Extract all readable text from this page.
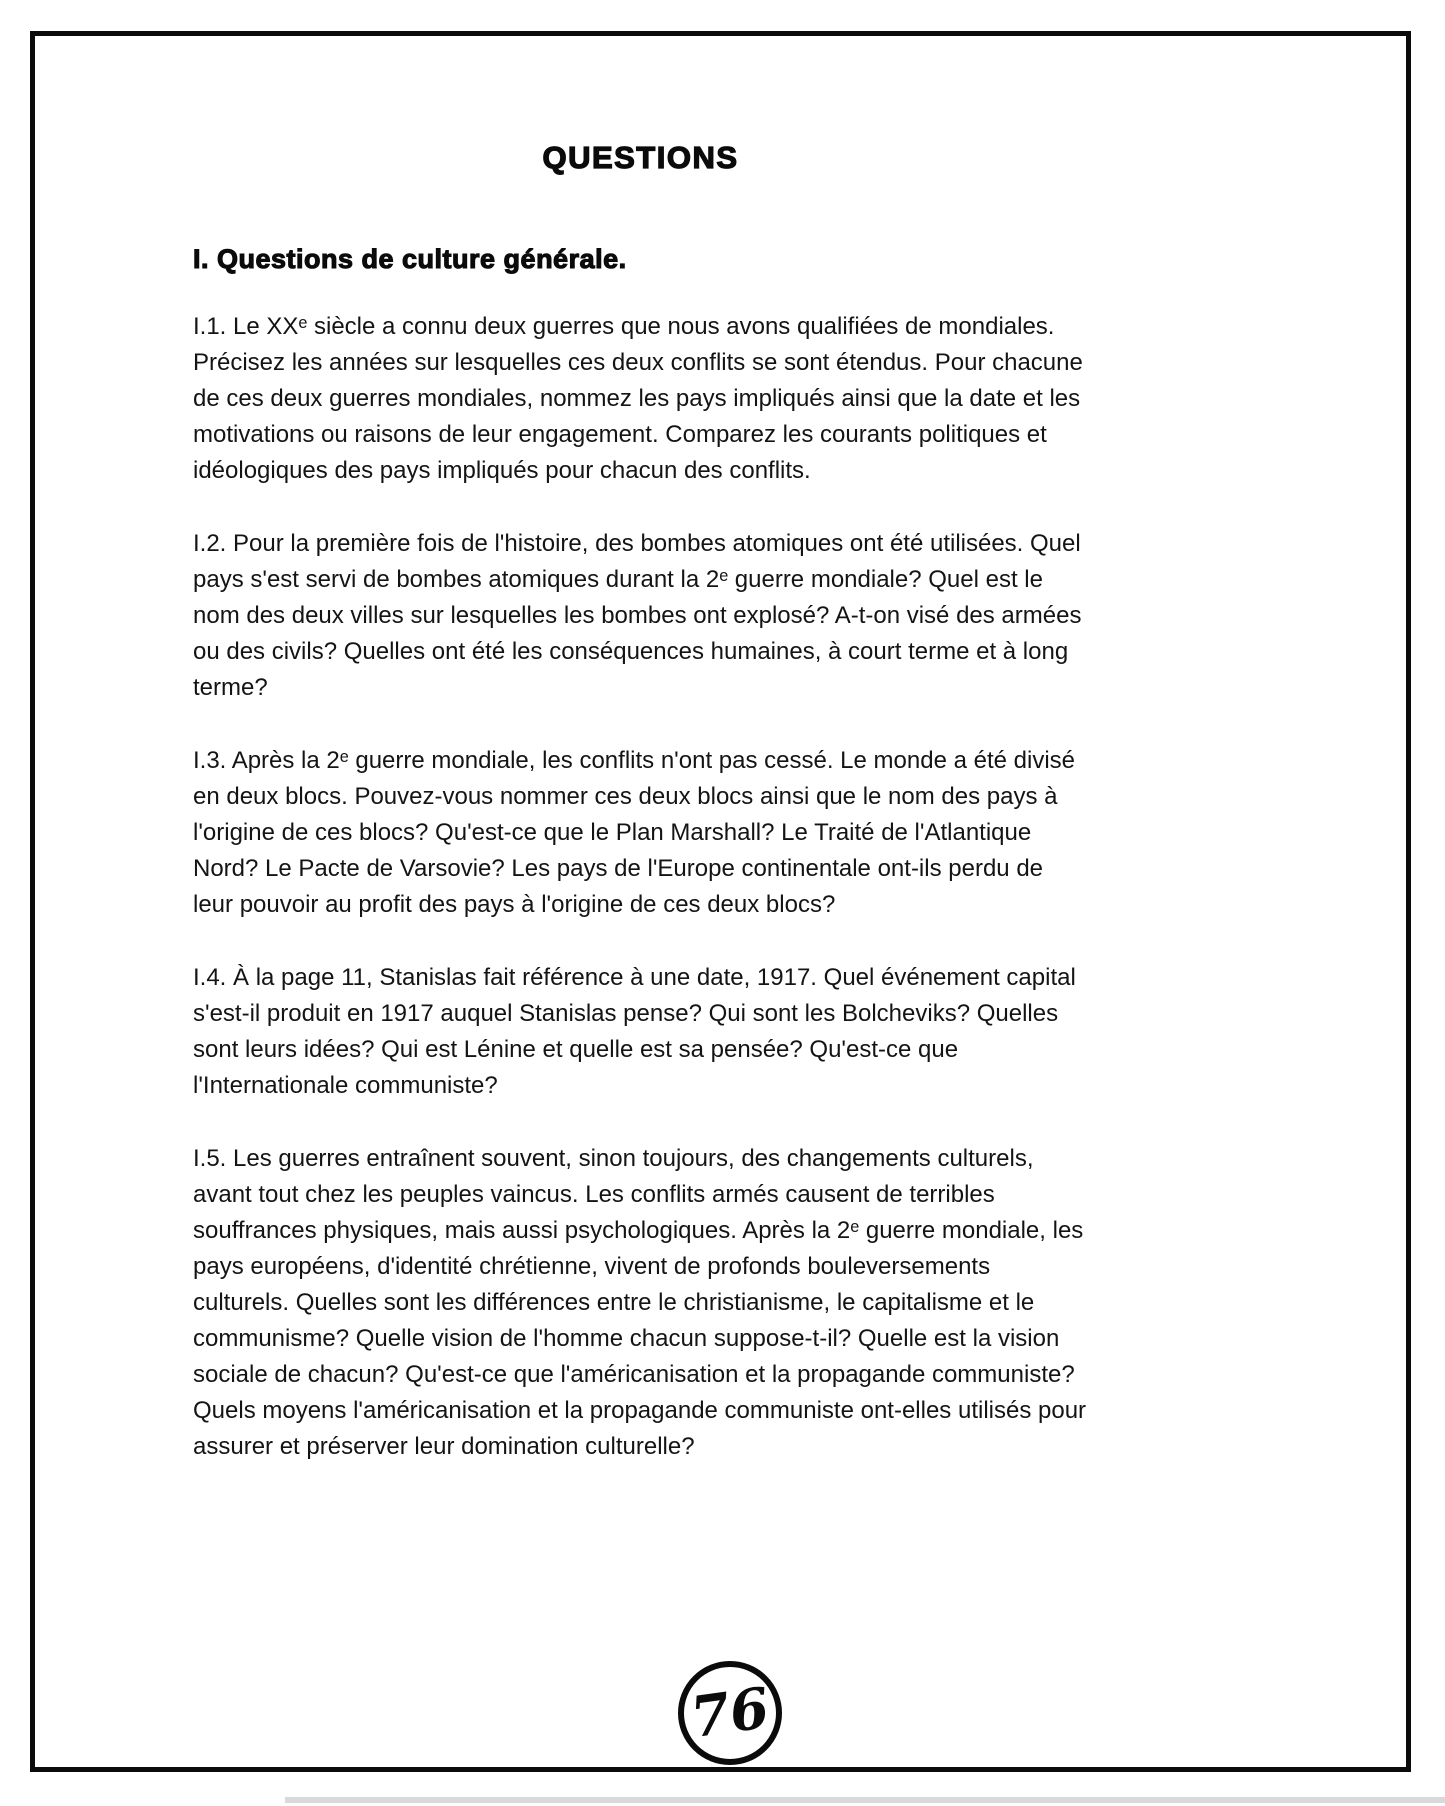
QUESTIONS
I. Questions de culture générale.

I.1. Le XXᵉ siècle a connu deux guerres que nous avons qualifiées de mondiales. Précisez les années sur lesquelles ces deux conflits se sont étendus. Pour chacune de ces deux guerres mondiales, nommez les pays impliqués ainsi que la date et les motivations ou raisons de leur engagement. Comparez les courants politiques et idéologiques des pays impliqués pour chacun des conflits.

I.2. Pour la première fois de l'histoire, des bombes atomiques ont été utilisées. Quel pays s'est servi de bombes atomiques durant la 2ᵉ guerre mondiale? Quel est le nom des deux villes sur lesquelles les bombes ont explosé? A-t-on visé des armées ou des civils? Quelles ont été les conséquences humaines, à court terme et à long terme?

I.3. Après la 2ᵉ guerre mondiale, les conflits n'ont pas cessé. Le monde a été divisé en deux blocs. Pouvez-vous nommer ces deux blocs ainsi que le nom des pays à l'origine de ces blocs? Qu'est-ce que le Plan Marshall? Le Traité de l'Atlantique Nord? Le Pacte de Varsovie? Les pays de l'Europe continentale ont-ils perdu de leur pouvoir au profit des pays à l'origine de ces deux blocs?

I.4. À la page 11, Stanislas fait référence à une date, 1917. Quel événement capital s'est-il produit en 1917 auquel Stanislas pense? Qui sont les Bolcheviks? Quelles sont leurs idées? Qui est Lénine et quelle est sa pensée? Qu'est-ce que l'Internationale communiste?

I.5. Les guerres entraînent souvent, sinon toujours, des changements culturels, avant tout chez les peuples vaincus. Les conflits armés causent de terribles souffrances physiques, mais aussi psychologiques. Après la 2ᵉ guerre mondiale, les pays européens, d'identité chrétienne, vivent de profonds bouleversements culturels. Quelles sont les différences entre le christianisme, le capitalisme et le communisme? Quelle vision de l'homme chacun suppose-t-il? Quelle est la vision sociale de chacun? Qu'est-ce que l'américanisation et la propagande communiste? Quels moyens l'américanisation et la propagande communiste ont-elles utilisés pour assurer et préserver leur domination culturelle?

76
